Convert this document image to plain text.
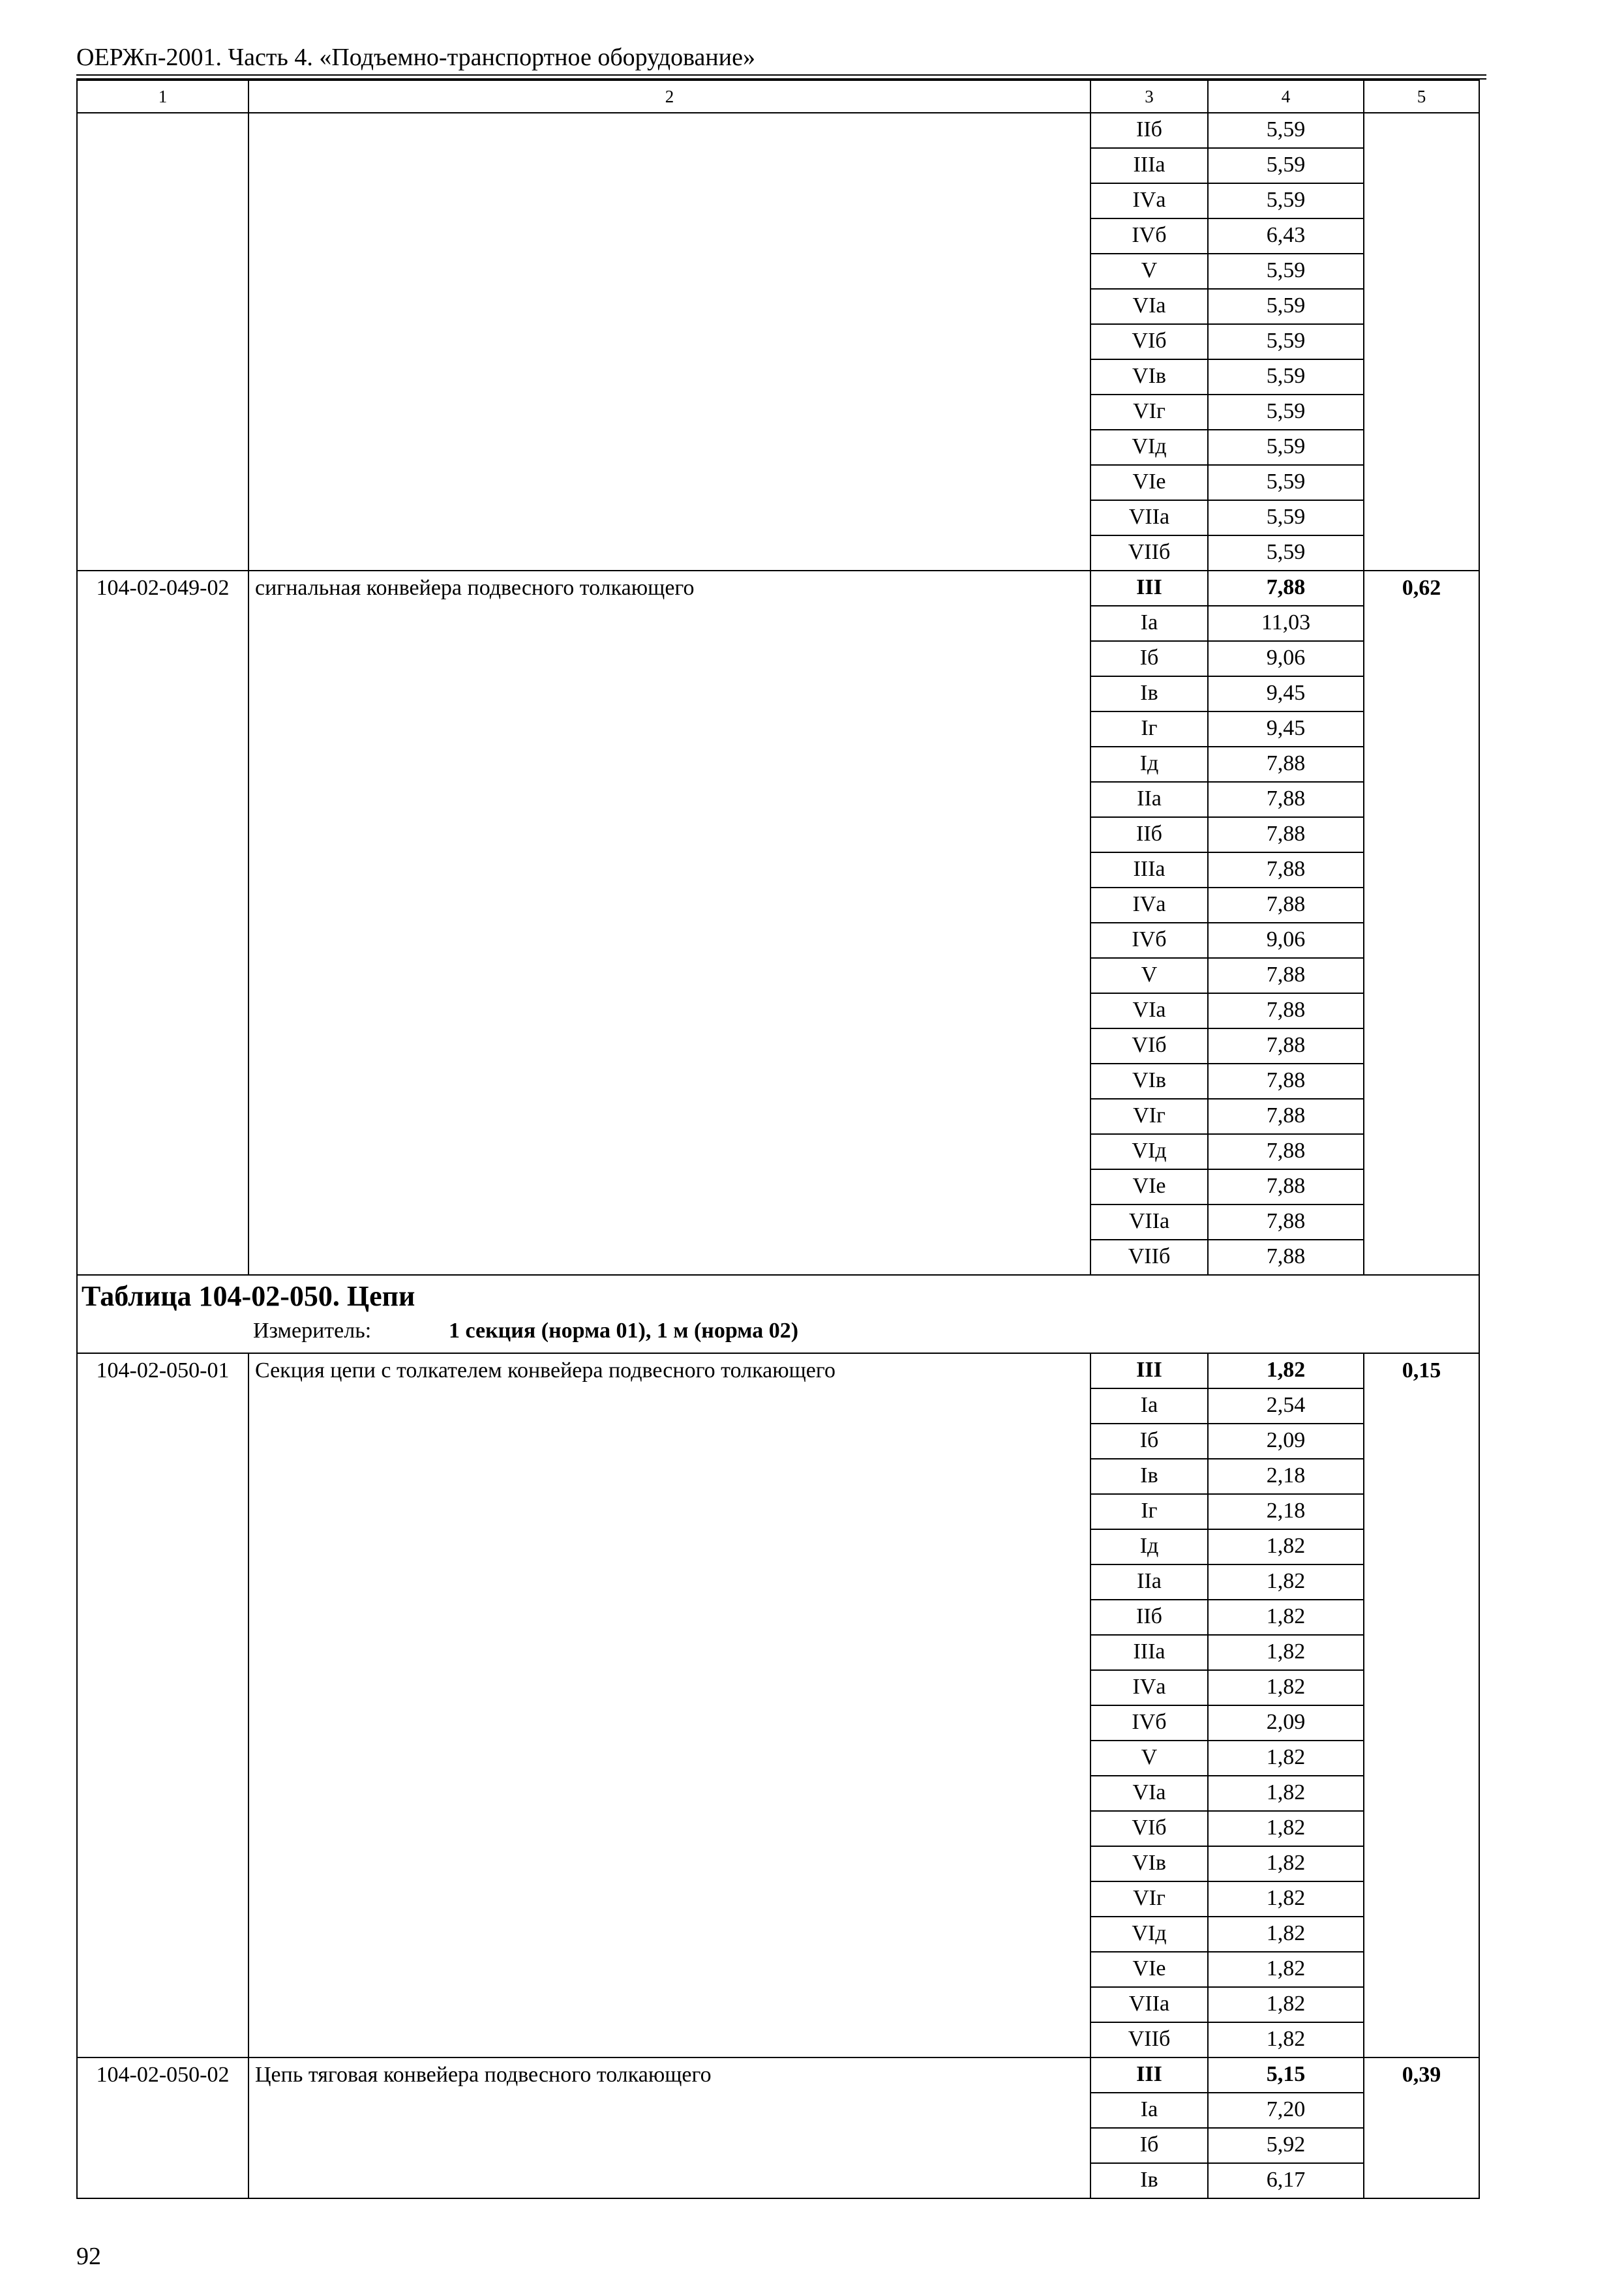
ОЕРЖп-2001. Часть 4. «Подъемно-транспортное оборудование»
1	2	3	4	5
		IIб	5,59	
		IIIа	5,59	
		IVа	5,59	
		IVб	6,43	
		V	5,59	
		VIа	5,59	
		VIб	5,59	
		VIв	5,59	
		VIг	5,59	
		VIд	5,59	
		VIе	5,59	
		VIIа	5,59	
		VIIб	5,59	
104-02-049-02	сигнальная конвейера подвесного толкающего	III	7,88	0,62
		Iа	11,03	
		Iб	9,06	
		Iв	9,45	
		Iг	9,45	
		Iд	7,88	
		IIа	7,88	
		IIб	7,88	
		IIIа	7,88	
		IVа	7,88	
		IVб	9,06	
		V	7,88	
		VIа	7,88	
		VIб	7,88	
		VIв	7,88	
		VIг	7,88	
		VIд	7,88	
		VIе	7,88	
		VIIа	7,88	
		VIIб	7,88	

Таблица 104-02-050. Цепи
Измеритель: 1 секция (норма 01), 1 м (норма 02)				

104-02-050-01	Секция цепи с толкателем конвейера подвесного толкающего	III	1,82	0,15
		Iа	2,54	
		Iб	2,09	
		Iв	2,18	
		Iг	2,18	
		Iд	1,82	
		IIа	1,82	
		IIб	1,82	
		IIIа	1,82	
		IVа	1,82	
		IVб	2,09	
		V	1,82	
		VIа	1,82	
		VIб	1,82	
		VIв	1,82	
		VIг	1,82	
		VIд	1,82	
		VIе	1,82	
		VIIа	1,82	
		VIIб	1,82	
104-02-050-02	Цепь тяговая конвейера подвесного толкающего	III	5,15	0,39
		Iа	7,20	
		Iб	5,92	
		Iв	6,17	
92
